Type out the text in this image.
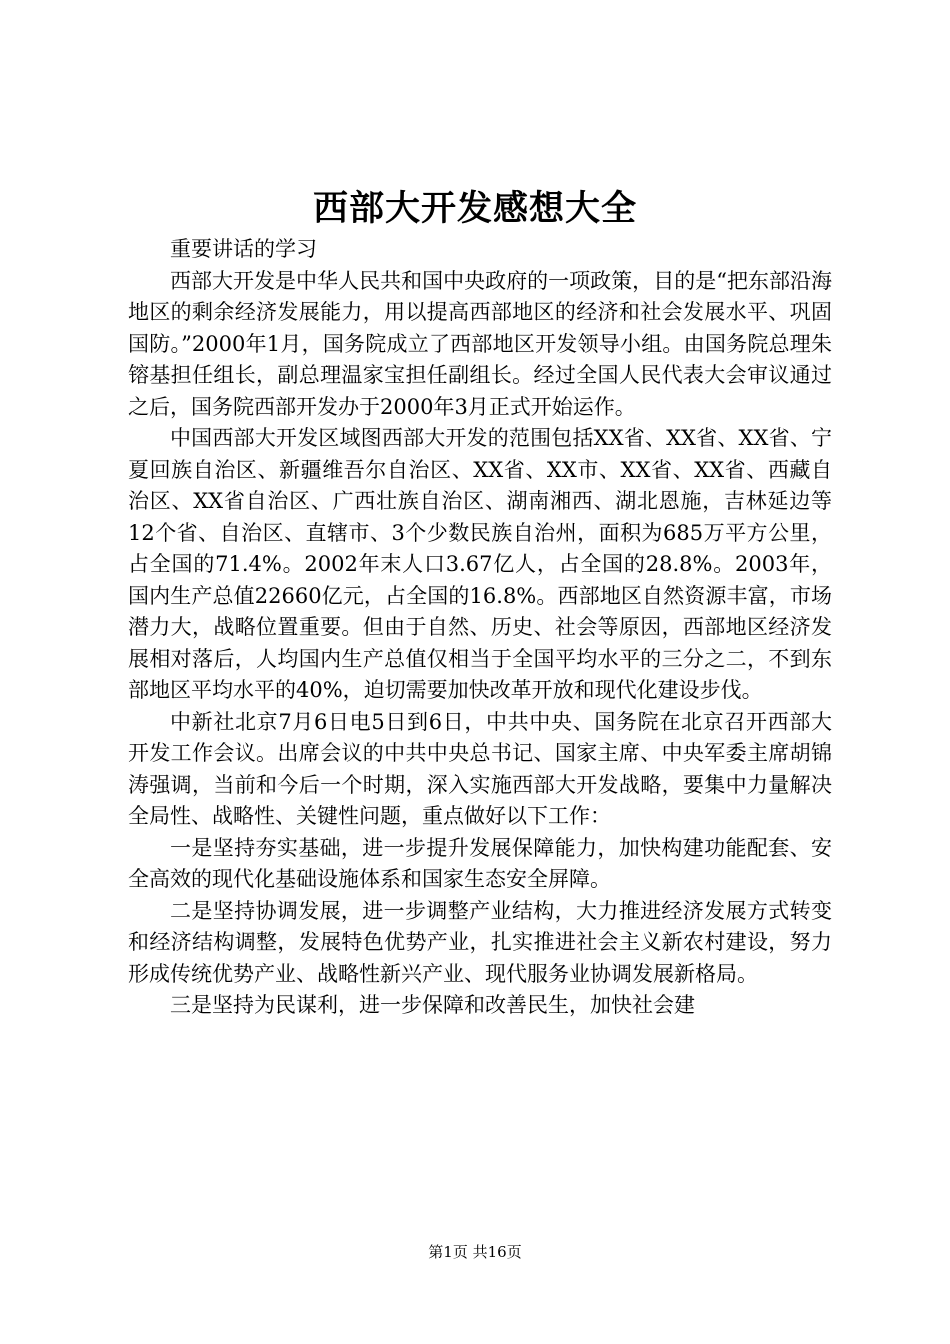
西部大开发感想大全

重要讲话的学习

西部大开发是中华人民共和国中央政府的一项政策，目的是“把东部沿海地区的剩余经济发展能力，用以提高西部地区的经济和社会发展水平、巩固国防。”2000年1月，国务院成立了西部地区开发领导小组。由国务院总理朱镕基担任组长，副总理温家宝担任副组长。经过全国人民代表大会审议通过之后，国务院西部开发办于2000年3月正式开始运作。

中国西部大开发区域图西部大开发的范围包括XX省、XX省、XX省、宁夏回族自治区、新疆维吾尔自治区、XX省、XX市、XX省、XX省、西藏自治区、XX省自治区、广西壮族自治区、湖南湘西、湖北恩施，吉林延边等12个省、自治区、直辖市、3个少数民族自治州，面积为685万平方公里，占全国的71.4%。2002年末人口3.67亿人，占全国的28.8%。2003年，国内生产总值22660亿元，占全国的16.8%。西部地区自然资源丰富，市场潜力大，战略位置重要。但由于自然、历史、社会等原因，西部地区经济发展相对落后，人均国内生产总值仅相当于全国平均水平的三分之二，不到东部地区平均水平的40%，迫切需要加快改革开放和现代化建设步伐。

中新社北京7月6日电5日到6日，中共中央、国务院在北京召开西部大开发工作会议。出席会议的中共中央总书记、国家主席、中央军委主席胡锦涛强调，当前和今后一个时期，深入实施西部大开发战略，要集中力量解决全局性、战略性、关键性问题，重点做好以下工作：

一是坚持夯实基础，进一步提升发展保障能力，加快构建功能配套、安全高效的现代化基础设施体系和国家生态安全屏障。

二是坚持协调发展，进一步调整产业结构，大力推进经济发展方式转变和经济结构调整，发展特色优势产业，扎实推进社会主义新农村建设，努力形成传统优势产业、战略性新兴产业、现代服务业协调发展新格局。

三是坚持为民谋利，进一步保障和改善民生，加快社会建

第1页 共16页
